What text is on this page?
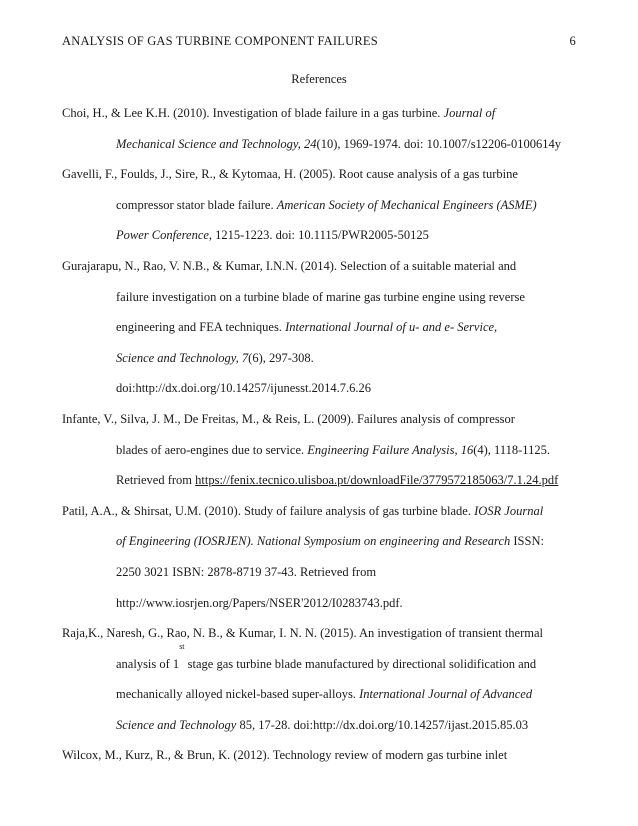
ANALYSIS OF GAS TURBINE COMPONENT FAILURES	6
References

Choi, H., & Lee K.H. (2010). Investigation of blade failure in a gas turbine. Journal of
Mechanical Science and Technology, 24(10), 1969-1974. doi: 10.1007/s12206-0100614y

Gavelli, F., Foulds, J., Sire, R., & Kytomaa, H. (2005). Root cause analysis of a gas turbine
compressor stator blade failure. American Society of Mechanical Engineers (ASME)
Power Conference, 1215-1223. doi: 10.1115/PWR2005-50125

Gurajarapu, N., Rao, V. N.B., & Kumar, I.N.N. (2014). Selection of a suitable material and
failure investigation on a turbine blade of marine gas turbine engine using reverse
engineering and FEA techniques. International Journal of u- and e- Service,
Science and Technology, 7(6), 297-308.
doi:http://dx.doi.org/10.14257/ijunesst.2014.7.6.26

Infante, V., Silva, J. M., De Freitas, M., & Reis, L. (2009). Failures analysis of compressor
blades of aero-engines due to service. Engineering Failure Analysis, 16(4), 1118-1125.
Retrieved from https://fenix.tecnico.ulisboa.pt/downloadFile/3779572185063/7.1.24.pdf

Patil, A.A., & Shirsat, U.M. (2010). Study of failure analysis of gas turbine blade. IOSR Journal
of Engineering (IOSRJEN). National Symposium on engineering and Research ISSN:
2250 3021 ISBN: 2878-8719 37-43. Retrieved from
http://www.iosrjen.org/Papers/NSER'2012/I0283743.pdf.

Raja,K., Naresh, G., Rao, N. B., & Kumar, I. N. N. (2015). An investigation of transient thermal
analysis of 1st stage gas turbine blade manufactured by directional solidification and
mechanically alloyed nickel-based super-alloys. International Journal of Advanced
Science and Technology 85, 17-28. doi:http://dx.doi.org/10.14257/ijast.2015.85.03

Wilcox, M., Kurz, R., & Brun, K. (2012). Technology review of modern gas turbine inlet
